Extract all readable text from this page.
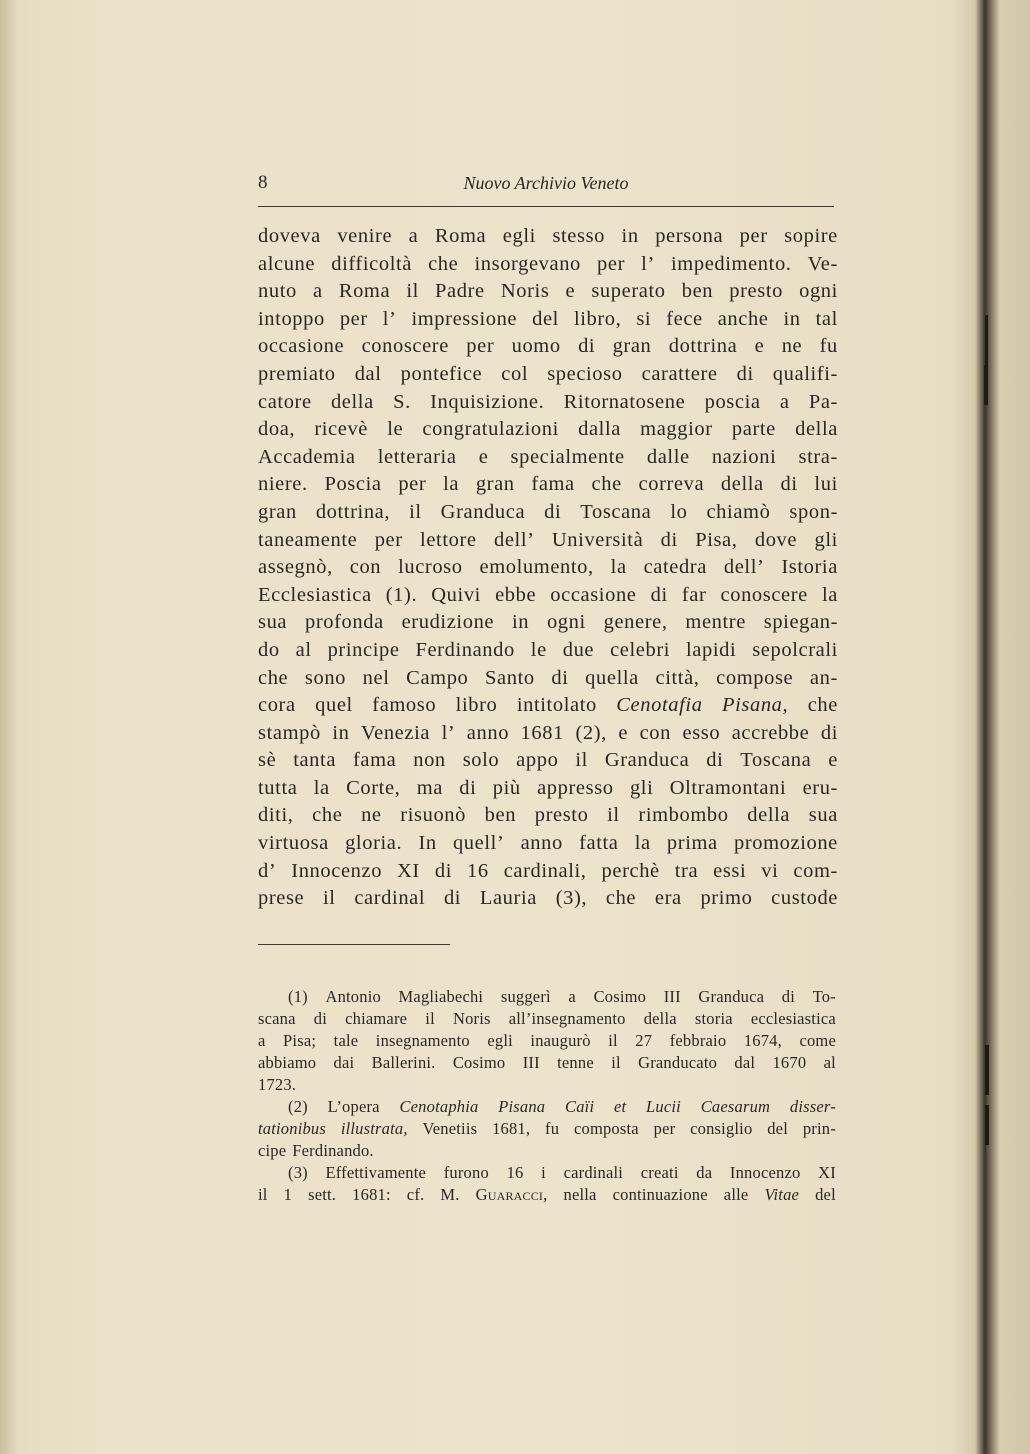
8	Nuovo Archivio Veneto
doveva venire a Roma egli stesso in persona per sopire
alcune difficoltà che insorgevano per l’ impedimento. Ve-
nuto a Roma il Padre Noris e superato ben presto ogni
intoppo per l’ impressione del libro, si fece anche in tal
occasione conoscere per uomo di gran dottrina e ne fu
premiato dal pontefice col specioso carattere di qualifi-
catore della S. Inquisizione. Ritornatosene poscia a Pa-
doa, ricevè le congratulazioni dalla maggior parte della
Accademia letteraria e specialmente dalle nazioni stra-
niere. Poscia per la gran fama che correva della di lui
gran dottrina, il Granduca di Toscana lo chiamò spon-
taneamente per lettore dell’ Università di Pisa, dove gli
assegnò, con lucroso emolumento, la catedra dell’ Istoria
Ecclesiastica (1). Quivi ebbe occasione di far conoscere la
sua profonda erudizione in ogni genere, mentre spiegan-
do al principe Ferdinando le due celebri lapidi sepolcrali
che sono nel Campo Santo di quella città, compose an-
cora quel famoso libro intitolato Cenotafia Pisana, che
stampò in Venezia l’ anno 1681 (2), e con esso accrebbe di
sè tanta fama non solo appo il Granduca di Toscana e
tutta la Corte, ma di più appresso gli Oltramontani eru-
diti, che ne risuonò ben presto il rimbombo della sua
virtuosa gloria. In quell’ anno fatta la prima promozione
d’ Innocenzo XI di 16 cardinali, perchè tra essi vi com-
prese il cardinal di Lauria (3), che era primo custode
(1) Antonio Magliabechi suggerì a Cosimo III Granduca di To-
scana di chiamare il Noris all’insegnamento della storia ecclesiastica
a Pisa; tale insegnamento egli inaugurò il 27 febbraio 1674, come
abbiamo dai Ballerini. Cosimo III tenne il Granducato dal 1670 al
1723.
(2) L’opera Cenotaphia Pisana Caïi et Lucii Caesarum disser-
tationibus illustrata, Venetiis 1681, fu composta per consiglio del prin-
cipe Ferdinando.
(3) Effettivamente furono 16 i cardinali creati da Innocenzo XI
il 1 sett. 1681: cf. M. Guaracci, nella continuazione alle Vitae del
